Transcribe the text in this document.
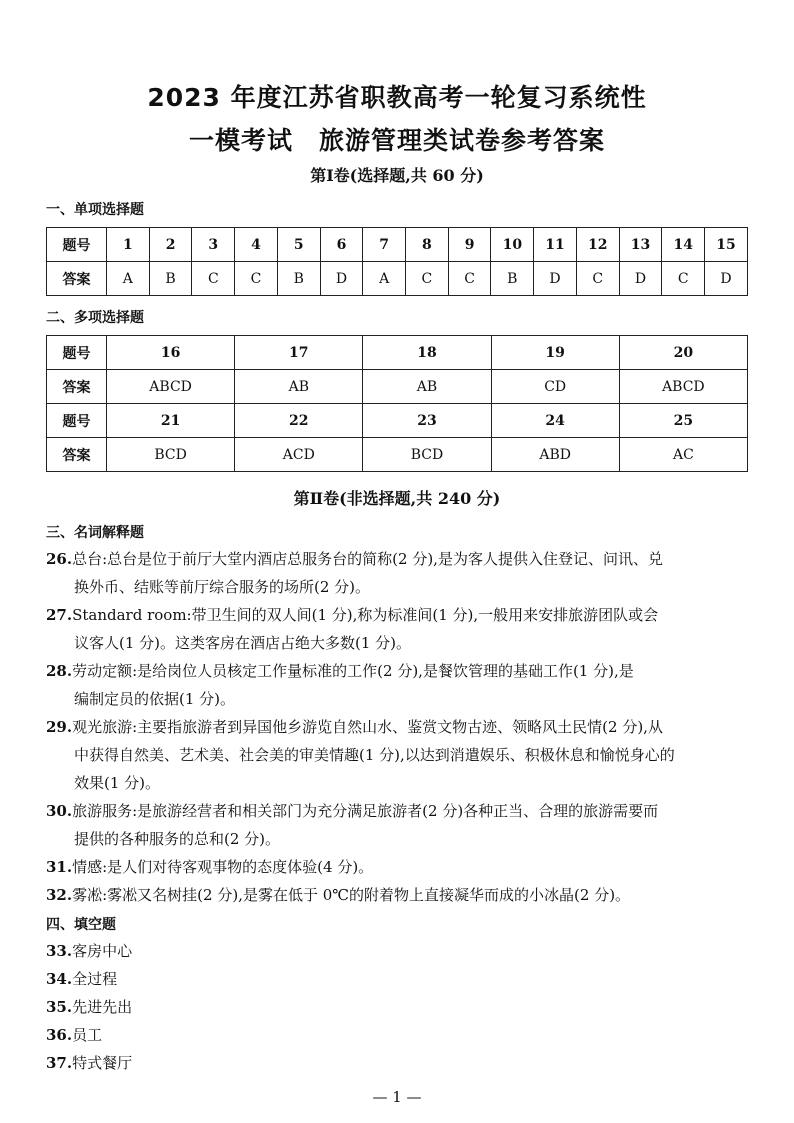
2023 年度江苏省职教高考一轮复习系统性
一模考试　旅游管理类试卷参考答案
第Ⅰ卷(选择题,共 60 分)
一、单项选择题
题号	1	2	3	4	5	6	7	8	9	10	11	12	13	14	15
答案	A	B	C	C	B	D	A	C	C	B	D	C	D	C	D
二、多项选择题
题号	16	17	18	19	20
答案	ABCD	AB	AB	CD	ABCD
题号	21	22	23	24	25
答案	BCD	ACD	BCD	ABD	AC
第Ⅱ卷(非选择题,共 240 分)
三、名词解释题
26.总台:总台是位于前厅大堂内酒店总服务台的简称(2 分),是为客人提供入住登记、问讯、兑
换外币、结账等前厅综合服务的场所(2 分)。
27.Standard room:带卫生间的双人间(1 分),称为标准间(1 分),一般用来安排旅游团队或会
议客人(1 分)。这类客房在酒店占绝大多数(1 分)。
28.劳动定额:是给岗位人员核定工作量标准的工作(2 分),是餐饮管理的基础工作(1 分),是
编制定员的依据(1 分)。
29.观光旅游:主要指旅游者到异国他乡游览自然山水、鉴赏文物古迹、领略风土民情(2 分),从
中获得自然美、艺术美、社会美的审美情趣(1 分),以达到消遣娱乐、积极休息和愉悦身心的
效果(1 分)。
30.旅游服务:是旅游经营者和相关部门为充分满足旅游者(2 分)各种正当、合理的旅游需要而
提供的各种服务的总和(2 分)。
31.情感:是人们对待客观事物的态度体验(4 分)。
32.雾凇:雾凇又名树挂(2 分),是雾在低于 0℃的附着物上直接凝华而成的小冰晶(2 分)。
四、填空题
33.客房中心
34.全过程
35.先进先出
36.员工
37.特式餐厅
— 1 —
